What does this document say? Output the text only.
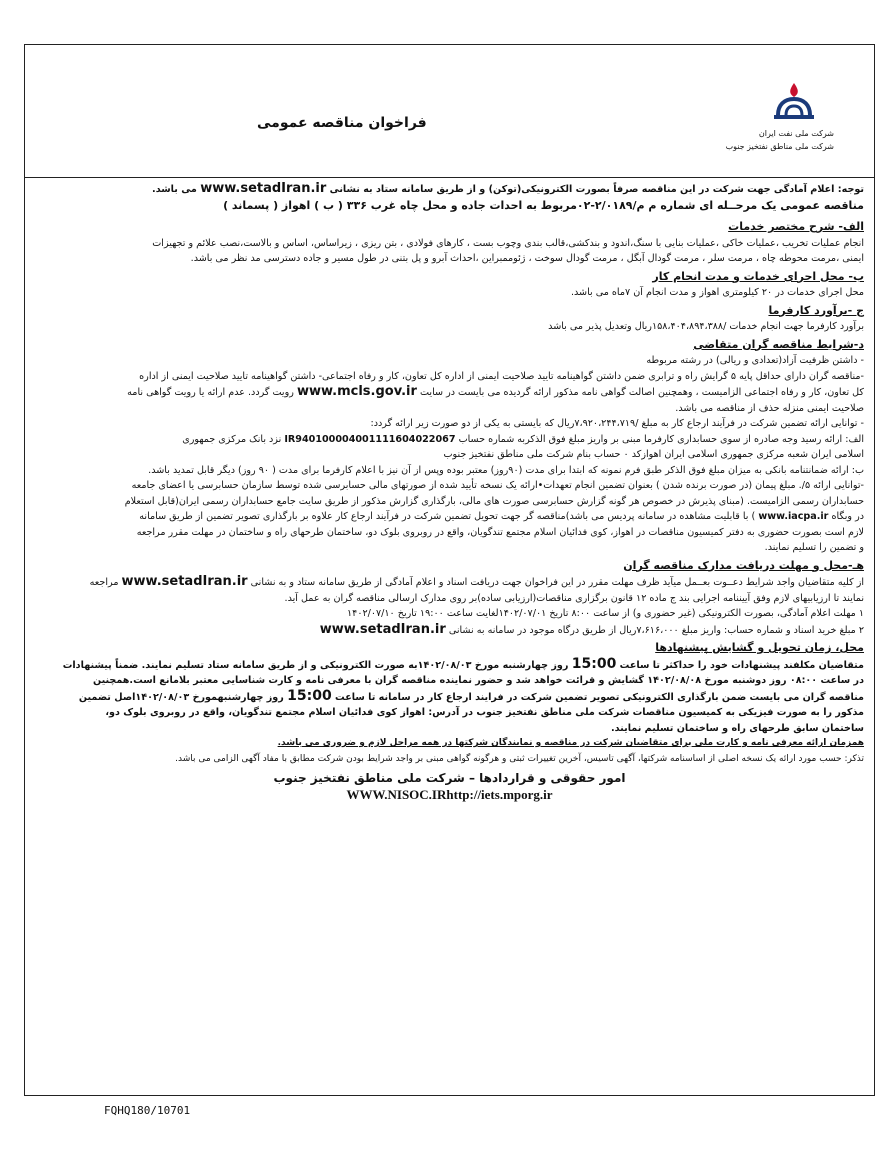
فراخوان مناقصه عمومی
شرکت ملی نفت ایران
شرکت ملی مناطق نفتخیز جنوب

توجه: اعلام آمادگی جهت شرکت در این مناقصه صرفاً بصورت الکترونیکی(توکن) و از طریق سامانه ستاد به نشانی www.setadIran.ir می باشد.

مناقصه عمومی یک مرحــله ای شماره م م/۲/۰۱۸۹-۰۲مربوط به احدات جاده و محل چاه غرب ۳۳۶ ( ب ) اهواز ( پسماند )

الف- شرح مختصر خدمات

انجام عملیات تخریب ،عملیات خاکی ،عملیات بنایی با سنگ،اندود و بندکشی،قالب بندی وچوب بست ، کارهای فولادی ، بتن ریزی ، زیراساس، اساس و بالاست،نصب علائم و تجهیزات

ایمنی ،مرمت محوطه چاه ، مرمت سلر ، مرمت گودال آبگل ، مرمت گودال سوخت ، ژئوممبراین ،احداث آبرو و پل بتنی در طول مسیر و جاده دسترسی مد نظر می باشد.

ب- محل اجرای خدمات و مدت انجام کار

محل اجرای خدمات در ۲۰ کیلومتری اهواز و مدت انجام آن ۷ماه می باشد.

ج -برآورد کارفرما

برآورد کارفرما جهت انجام خدمات /۱۵۸،۴۰۴،۸۹۴،۳۸۸ریال وتعدیل پذیر می باشد

د-شرایط مناقصه گران متقاضی

- داشتن ظرفیت آزاد(تعدادی و ریالی) در رشته مربوطه

-مناقصه گران دارای حداقل پایه ۵ گرایش راه و ترابری ضمن داشتن گواهینامه تایید صلاحیت ایمنی از اداره کل تعاون، کار و رفاه اجتماعی- داشتن گواهینامه تایید صلاحیت ایمنی از اداره

کل تعاون، کار و رفاه اجتماعی الزامیست ، وهمچنین اصالت گواهی نامه مذکور ارائه گردیده می بایست در سایت www.mcls.gov.ir رویت گردد. عدم ارائه یا رویت گواهی نامه

صلاحیت ایمنی منزله حذف از مناقصه می باشد.

- توانایی ارائه تضمین شرکت در فرآیند ارجاع کار به مبلغ /۷،۹۲۰،۲۴۴،۷۱۹ریال که بایستی به یکی از دو صورت زیر ارائه گردد:

الف: ارائه رسید وجه صادره از سوی حسابداری کارفرما مبنی بر واریز مبلغ فوق الذکربه شماره حساب IR940100004001111604022067 نزد بانک مرکزی جمهوری

اسلامی ایران شعبه مرکزی جمهوری اسلامی ایران اهوازکد ۰ حساب بنام شرکت ملی مناطق نفتخیز جنوب

ب: ارائه ضمانتنامه بانکی به میزان مبلغ فوق الذکر طبق فرم نمونه که ابتدا برای مدت (۹۰روز) معتبر بوده وپس از آن نیز با اعلام کارفرما برای مدت ( ۹۰ روز) دیگر قابل تمدید باشد.

-توانایی ارائه ۵/. مبلغ پیمان (در صورت برنده شدن ) بعنوان تضمین انجام تعهدات•ارائه یک نسخه تأیید شده از صورتهای مالی حسابرسی شده توسط سازمان حسابرسی یا اعضای جامعه

حسابداران رسمی الزامیست. (مبنای پذیرش در خصوص هر گونه گزارش حسابرسی صورت های مالی، بارگذاری گزارش مذکور از طریق سایت جامع حسابداران رسمی ایران(قابل استعلام

در وبگاه www.iacpa.ir ) با قابلیت مشاهده در سامانه پردیس می باشد)مناقصه گر جهت تحویل تضمین شرکت در فرآیند ارجاع کار علاوه بر بارگذاری تصویر تضمین از طریق سامانه

لازم است بصورت حضوری به دفتر کمیسیون مناقصات در اهواز، کوی فدائیان اسلام مجتمع تندگویان، واقع در روبروی بلوک دو، ساختمان طرحهای راه و ساختمان در مهلت مقرر مراجعه

و تضمین را تسلیم نمایند.

هـ-محل و مهلت دریافت مدارک مناقصه گران

از کلیه متقاضیان واجد شرایط دعــوت بعــمل میآید ظرف مهلت مقرر در این فراخوان جهت دریافت اسناد و اعلام آمادگی از طریق سامانه ستاد و به نشانی www.setadIran.ir مراجعه

نمایند تا ارزیابیهای لازم وفق آییننامه اجرایی بند ج ماده ۱۲ قانون برگزاری مناقصات(ارزیابی ساده)بر روی مدارک ارسالی مناقصه گران به عمل آید.

۱ مهلت اعلام آمادگی، بصورت الکترونیکی (غیر حضوری و) از ساعت ۸:۰۰ تاریخ ۱۴۰۲/۰۷/۰۱لغایت ساعت ۱۹:۰۰ تاریخ ۱۴۰۲/۰۷/۱۰

۲ مبلغ خرید اسناد و شماره حساب: واریز مبلغ ۷،۶۱۶،۰۰۰ریال از طریق درگاه موجود در سامانه به نشانی www.setadIran.ir

محل، زمان تحویل و گشایش پیشنهادها

متقاضیان مکلفند پیشنهادات خود را حداکثر تا ساعت 15:00 روز چهارشنبه مورخ ۱۴۰۲/۰۸/۰۳به صورت الکترونیکی و از طریق سامانه ستاد تسلیم نمایند. ضمناً پیشنهادات

در ساعت ۰۸:۰۰ روز دوشنبه مورخ ۱۴۰۲/۰۸/۰۸ گشایش و قرائت خواهد شد و حضور نماینده مناقصه گران با معرفی نامه و کارت شناسایی معتبر بلامانع است.همچنین

مناقصه گران می بایست ضمن بارگذاری الکترونیکی تصویر تضمین شرکت در فرایند ارجاع کار در سامانه تا ساعت 15:00 روز چهارشنبهمورخ ۱۴۰۲/۰۸/۰۳اصل تضمین

مذکور را به صورت فیزیکی به کمیسیون مناقصات شرکت ملی مناطق نفتخیز جنوب در آدرس: اهواز کوی فدائیان اسلام مجتمع تندگویان، واقع در روبروی بلوک دو،

ساختمان سابق طرحهای راه و ساختمان تسلیم نمایند.

همزمان ارائه معرفی نامه و کارت ملی برای متقاضیان شرکت در مناقصه و نمایندگان شرکتها در همه مراحل لازم و ضروری می باشد.

تذکر: حسب مورد ارائه یک نسخه اصلی از اساسنامه شرکتها، آگهی تاسیس، آخرین تغییرات ثبتی و هرگونه گواهی مبنی بر واجد شرایط بودن شرکت مطابق با مفاد آگهی الزامی می باشد.

امور حقوقی و قراردادها – شرکت ملی مناطق نفتخیز جنوب
WWW.NISOC.IRhttp://iets.mporg.ir
FQHQ180/10701
